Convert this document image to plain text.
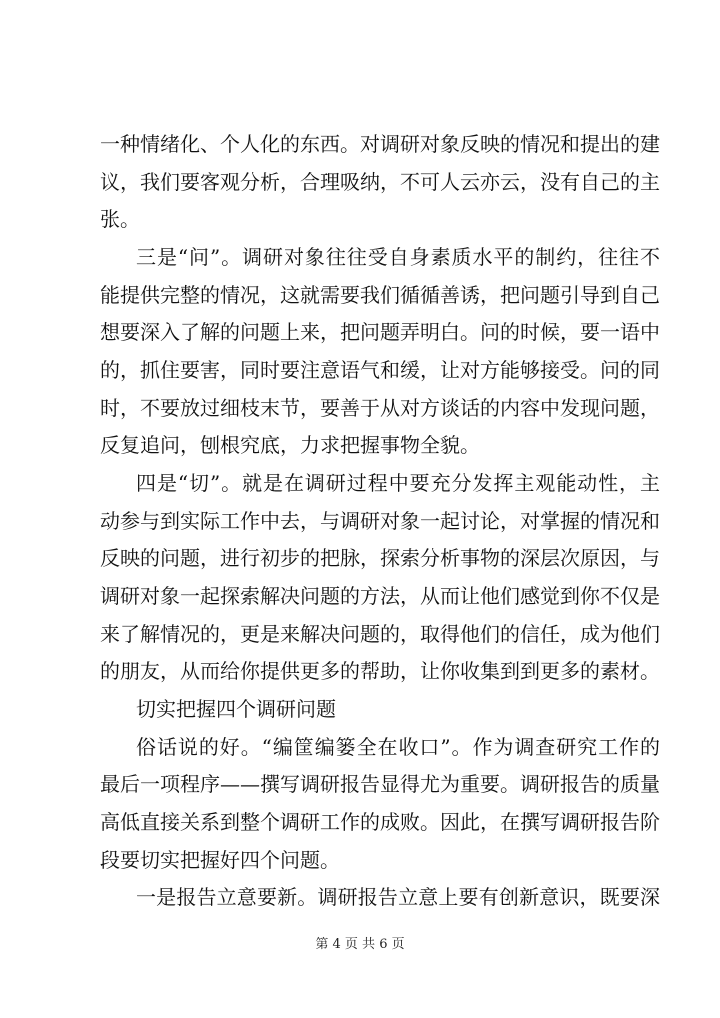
一种情绪化、个人化的东西。对调研对象反映的情况和提出的建
议，我们要客观分析，合理吸纳，不可人云亦云，没有自己的主
张。
三是“问”。调研对象往往受自身素质水平的制约，往往不
能提供完整的情况，这就需要我们循循善诱，把问题引导到自己
想要深入了解的问题上来，把问题弄明白。问的时候，要一语中
的，抓住要害，同时要注意语气和缓，让对方能够接受。问的同
时，不要放过细枝末节，要善于从对方谈话的内容中发现问题，
反复追问，刨根究底，力求把握事物全貌。
四是“切”。就是在调研过程中要充分发挥主观能动性，主
动参与到实际工作中去，与调研对象一起讨论，对掌握的情况和
反映的问题，进行初步的把脉，探索分析事物的深层次原因，与
调研对象一起探索解决问题的方法，从而让他们感觉到你不仅是
来了解情况的，更是来解决问题的，取得他们的信任，成为他们
的朋友，从而给你提供更多的帮助，让你收集到到更多的素材。
切实把握四个调研问题
俗话说的好。“编筐编篓全在收口”。作为调查研究工作的
最后一项程序——撰写调研报告显得尤为重要。调研报告的质量
高低直接关系到整个调研工作的成败。因此，在撰写调研报告阶
段要切实把握好四个问题。
一是报告立意要新。调研报告立意上要有创新意识，既要深
第 4 页 共 6 页
